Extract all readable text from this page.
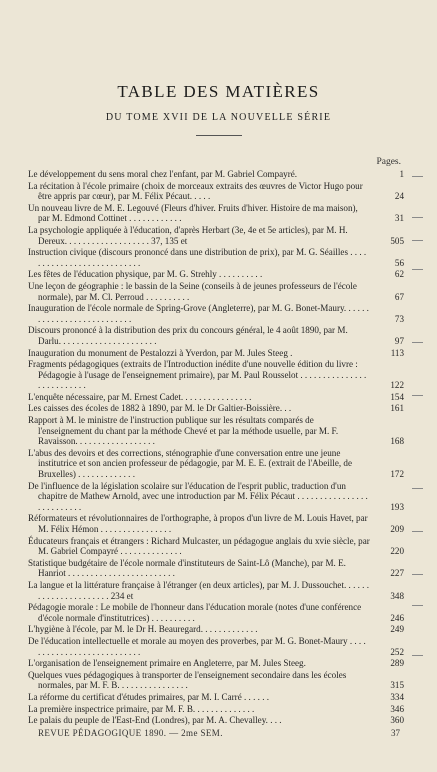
TABLE DES MATIÈRES
DU TOME XVII DE LA NOUVELLE SÉRIE
Pages.
Le développement du sens moral chez l'enfant, par M. Gabriel Compayré.	1
La récitation à l'école primaire (choix de morceaux extraits des œuvres de Victor Hugo pour être appris par cœur), par M. Félix Pécaut. . . . .	24
Un nouveau livre de M. E. Legouvé (Fleurs d'hiver. Fruits d'hiver. Histoire de ma maison), par M. Edmond Cottinet . . . . . . . . . . . .	31
La psychologie appliquée à l'éducation, d'après Herbart (3e, 4e et 5e articles), par M. H. Dereux. . . . . . . . . . . . . . . . . . . 37, 135 et	505
Instruction civique (discours prononcé dans une distribution de prix), par M. G. Séailles . . . . . . . . . . . . . . . . . . . . . . . . . . .	56
Les fêtes de l'éducation physique, par M. G. Strehly . . . . . . . . . .	62
Une leçon de géographie : le bassin de la Seine (conseils à de jeunes professeurs de l'école normale), par M. Cl. Perroud . . . . . . . . . .	67
Inauguration de l'école normale de Spring-Grove (Angleterre), par M. G. Bonet-Maury. . . . . . . . . . . . . . . . . . . . . . . . . . .	73
Discours prononcé à la distribution des prix du concours général, le 4 août 1890, par M. Darlu. . . . . . . . . . . . . . . . . . . . . .	97
Inauguration du monument de Pestalozzi à Yverdon, par M. Jules Steeg .	113
Fragments pédagogiques (extraits de l'Introduction inédite d'une nouvelle édition du livre : Pédagogie à l'usage de l'enseignement primaire), par M. Paul Rousselot . . . . . . . . . . . . . . . . . . . . . . . . . .	122
L'enquête nécessaire, par M. Ernest Cadet. . . . . . . . . . . . . . . .	154
Les caisses des écoles de 1882 à 1890, par M. le Dr Galtier-Boissière. . .	161
Rapport à M. le ministre de l'instruction publique sur les résultats comparés de l'enseignement du chant par la méthode Chevé et par la méthode usuelle, par M. F. Ravaisson. . . . . . . . . . . . . . . . . .	168
L'abus des devoirs et des corrections, sténographie d'une conversation entre une jeune institutrice et son ancien professeur de pédagogie, par M. E. E. (extrait de l'Abeille, de Bruxelles) . . . . . . . . . . . . .	172
De l'influence de la législation scolaire sur l'éducation de l'esprit public, traduction d'un chapitre de Mathew Arnold, avec une introduction par M. Félix Pécaut . . . . . . . . . . . . . . . . . . . . . . . . . .	193
Réformateurs et révolutionnaires de l'orthographe, à propos d'un livre de M. Louis Havet, par M. Félix Hémon . . . . . . . . . . . . . . . .	209
Éducateurs français et étrangers : Richard Mulcaster, un pédagogue anglais du xvie siècle, par M. Gabriel Compayré . . . . . . . . . . . . . .	220
Statistique budgétaire de l'école normale d'instituteurs de Saint-Lô (Manche), par M. E. Hanriot . . . . . . . . . . . . . . . . . . . . . . . .	227
La langue et la littérature française à l'étranger (en deux articles), par M. J. Dussouchet. . . . . . . . . . . . . . . . . . . . . . 234 et	348
Pédagogie morale : Le mobile de l'honneur dans l'éducation morale (notes d'une conférence d'école normale d'institutrices) . . . . . . . . . .	246
L'hygiène à l'école, par M. le Dr H. Beauregard. . . . . . . . . . . . .	249
De l'éducation intellectuelle et morale au moyen des proverbes, par M. G. Bonet-Maury . . . . . . . . . . . . . . . . . . . . . . . . . . .	252
L'organisation de l'enseignement primaire en Angleterre, par M. Jules Steeg.	289
Quelques vues pédagogiques à transporter de l'enseignement secondaire dans les écoles normales, par M. F. B. . . . . . . . . . . . . . . .	315
La réforme du certificat d'études primaires, par M. I. Carré . . . . . .	334
La première inspectrice primaire, par M. F. B. . . . . . . . . . . . . .	346
Le palais du peuple de l'East-End (Londres), par M. A. Chevalley. . . .	360
REVUE PÉDAGOGIQUE 1890. — 2me SEM.	37
